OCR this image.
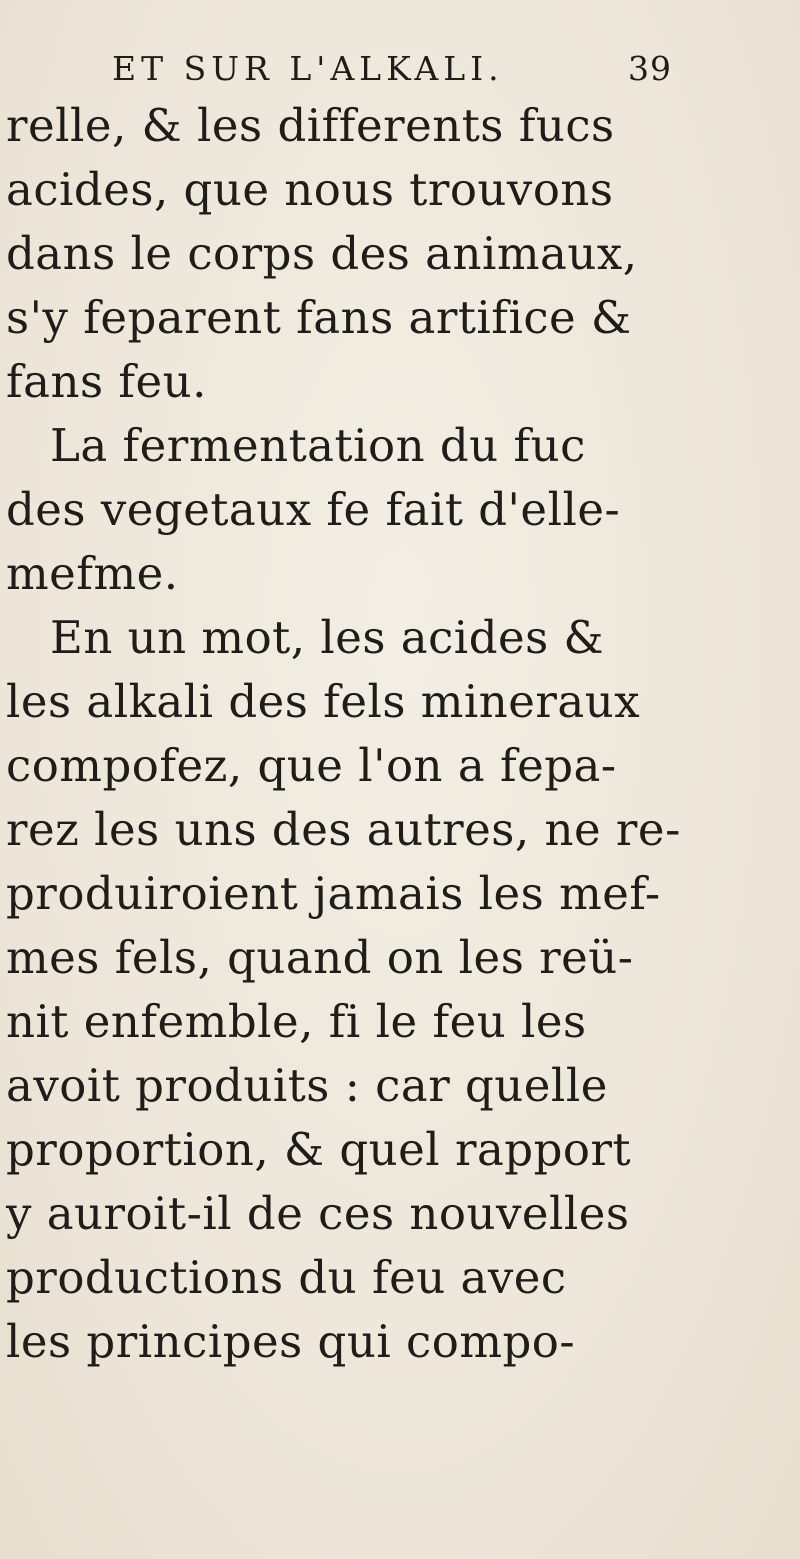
ET SUR L'ALKALI.	39
relle, & les differents fucs
acides, que nous trouvons
dans le corps des animaux,
s'y feparent fans artifice &
fans feu.
La fermentation du fuc
des vegetaux fe fait d'elle-
mefme.
En un mot, les acides &
les alkali des fels mineraux
compofez, que l'on a fepa-
rez les uns des autres, ne re-
produiroient jamais les mef-
mes fels, quand on les reü-
nit enfemble, fi le feu les
avoit produits : car quelle
proportion, & quel rapport
y auroit-il de ces nouvelles
productions du feu avec
les principes qui compo-
